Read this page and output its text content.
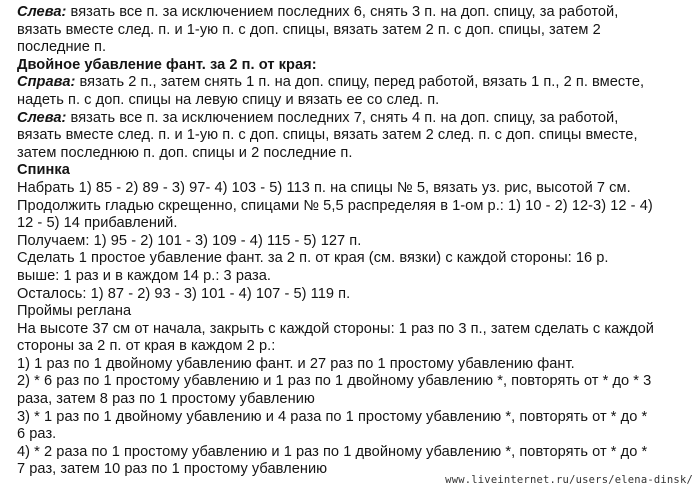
Слева: вязать все п. за исключением последних 6, снять 3 п. на доп. спицу, за работой,
вязать вместе след. п. и 1-ую п. с доп. спицы, вязать затем 2 п. с доп. спицы, затем 2
последние п.
Двойное убавление фант. за 2 п. от края:
Справа: вязать 2 п., затем снять 1 п. на доп. спицу, перед работой, вязать 1 п., 2 п. вместе,
надеть п. с доп. спицы на левую спицу и вязать ее со след. п.
Слева: вязать все п. за исключением последних 7, снять 4 п. на доп. спицу, за работой,
вязать вместе след. п. и 1-ую п. с доп. спицы, вязать затем 2 след. п. с доп. спицы вместе,
затем последнюю п. доп. спицы и 2 последние п.
Спинка
Набрать 1) 85 - 2) 89 - 3) 97- 4) 103 - 5) 113 п. на спицы № 5, вязать уз. рис, высотой 7 см.
Продолжить гладью скрещенно, спицами № 5,5 распределяя в 1-ом р.: 1) 10 - 2) 12-3) 12 - 4)
12 - 5) 14 прибавлений.
Получаем: 1) 95 - 2) 101 - 3) 109 - 4) 115 - 5) 127 п.
Сделать 1 простое убавление фант. за 2 п. от края (см. вязки) с каждой стороны: 16 р.
выше: 1 раз и в каждом 14 р.: 3 раза.
Осталось: 1) 87 - 2) 93 - 3) 101 - 4) 107 - 5) 119 п.
Проймы реглана
На высоте 37 см от начала, закрыть с каждой стороны: 1 раз по 3 п., затем сделать с каждой
стороны за 2 п. от края в каждом 2 р.:
1) 1 раз по 1 двойному убавлению фант. и 27 раз по 1 простому убавлению фант.
2) * 6 раз по 1 простому убавлению и 1 раз по 1 двойному убавлению *, повторять от * до * 3
раза, затем 8 раз по 1 простому убавлению
3) * 1 раз по 1 двойному убавлению и 4 раза по 1 простому убавлению *, повторять от * до *
6 раз.
4) * 2 раза по 1 простому убавлению и 1 раз по 1 двойному убавлению *, повторять от * до *
7 раз, затем 10 раз по 1 простому убавлению
www.liveinternet.ru/users/elena-dinsk/
